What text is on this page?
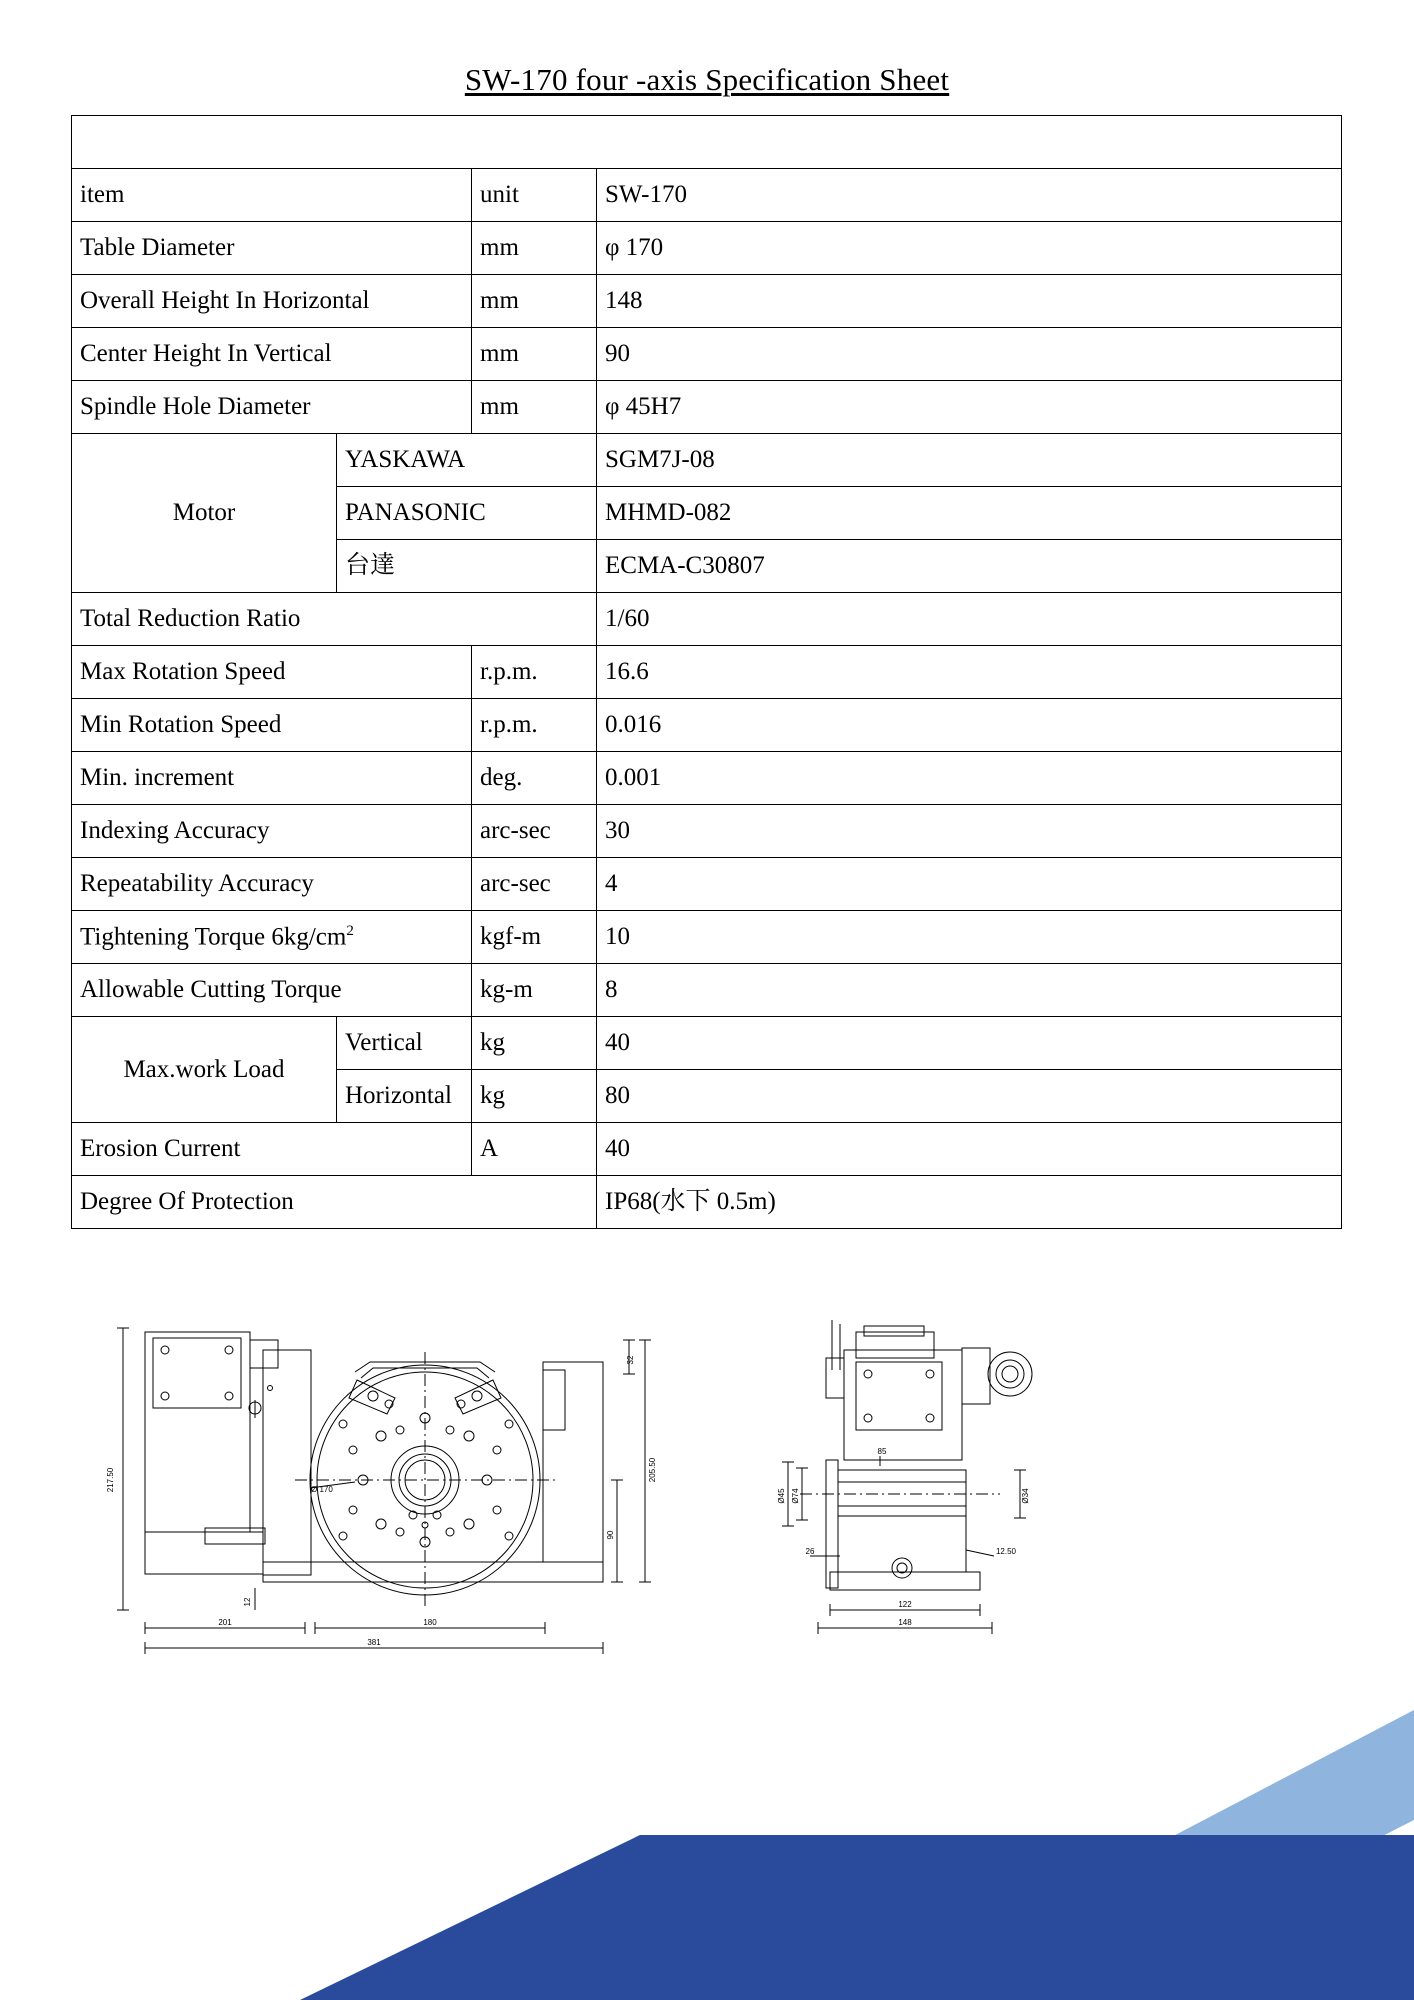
SW-170 four -axis Specification Sheet

item		unit	SW-170
Table Diameter		mm	φ 170
Overall Height In Horizontal		mm	148
Center Height In Vertical		mm	90
Spindle Hole Diameter		mm	φ 45H7
Motor	YASKAWA		SGM7J-08
	PANASONIC		MHMD-082
	台達		ECMA-C30807
Total Reduction Ratio			1/60
Max Rotation Speed		r.p.m.	16.6
Min Rotation Speed		r.p.m.	0.016
Min. increment		deg.	0.001
Indexing Accuracy		arc-sec	30
Repeatability Accuracy		arc-sec	4
Tightening Torque $6kg/cm^2$		kgf-m	10
Allowable Cutting Torque		kg-m	8
Max.work Load	Vertical	kg	40
	Horizontal	kg	80
Erosion Current		A	40
Degree Of Protection			IP68(水下 0.5m)
217.50
32
205.50
90
12
201	180
381
Ø 170	Ø45 Ø74	Ø34
85
26	12.50
122
148
